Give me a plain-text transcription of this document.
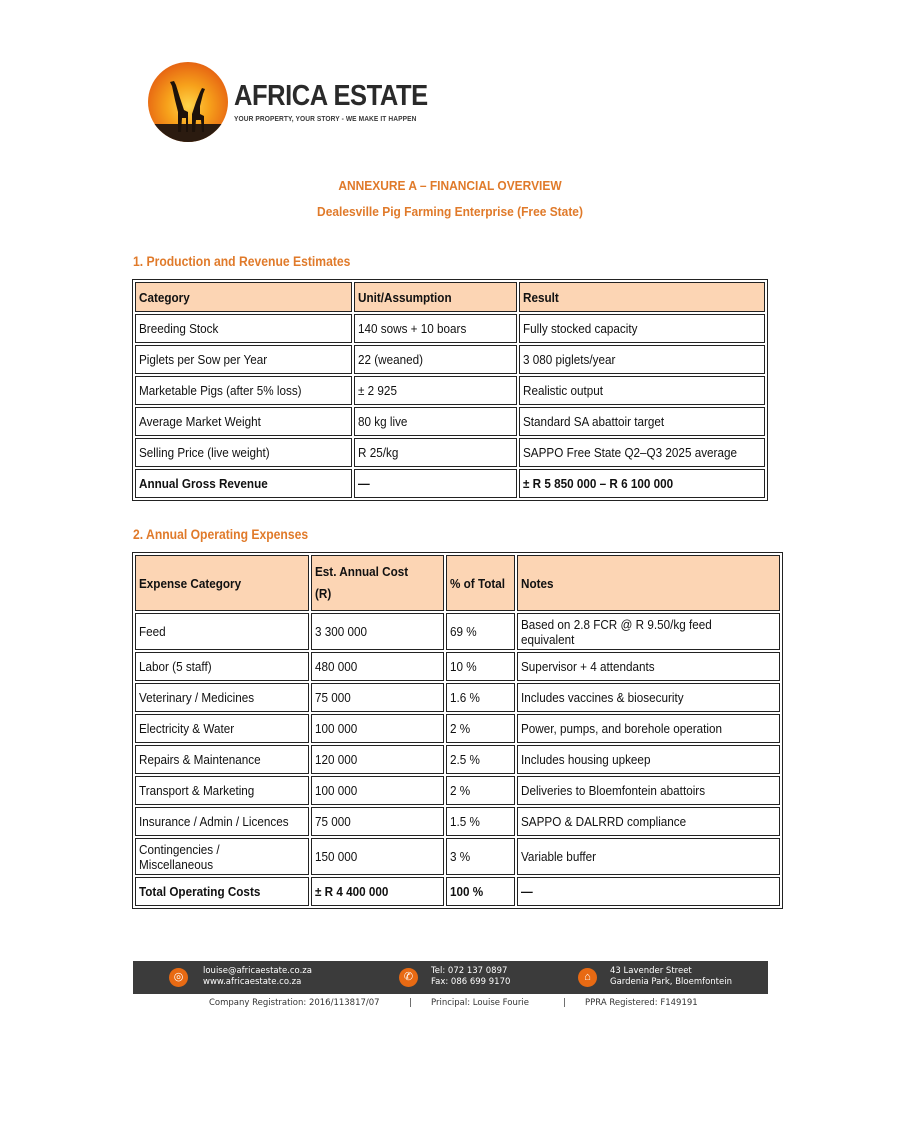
AFRICA ESTATE
YOUR PROPERTY, YOUR STORY - WE MAKE IT HAPPEN
ANNEXURE A – FINANCIAL OVERVIEW
Dealesville Pig Farming Enterprise (Free State)
1. Production and Revenue Estimates
Category	Unit/Assumption	Result
Breeding Stock	140 sows + 10 boars	Fully stocked capacity
Piglets per Sow per Year	22 (weaned)	3 080 piglets/year
Marketable Pigs (after 5% loss)	± 2 925	Realistic output
Average Market Weight	80 kg live	Standard SA abattoir target
Selling Price (live weight)	R 25/kg	SAPPO Free State Q2–Q3 2025 average
Annual Gross Revenue	—	± R 5 850 000 – R 6 100 000
2. Annual Operating Expenses
Expense Category	Est. Annual Cost (R)	% of Total	Notes
Feed	3 300 000	69 %	Based on 2.8 FCR @ R 9.50/kg feed equivalent
Labor (5 staff)	480 000	10 %	Supervisor + 4 attendants
Veterinary / Medicines	75 000	1.6 %	Includes vaccines & biosecurity
Electricity & Water	100 000	2 %	Power, pumps, and borehole operation
Repairs & Maintenance	120 000	2.5 %	Includes housing upkeep
Transport & Marketing	100 000	2 %	Deliveries to Bloemfontein abattoirs
Insurance / Admin / Licences	75 000	1.5 %	SAPPO & DALRRD compliance
Contingencies / Miscellaneous	150 000	3 %	Variable buffer
Total Operating Costs	± R 4 400 000	100 %	—
◎	louise@africaestate.co.za
www.africaestate.co.za	✆	Tel: 072 137 0897
Fax: 086 699 9170	⌂	43 Lavender Street
Gardenia Park, Bloemfontein
Company Registration: 2016/113817/07	| Principal: Louise Fourie	| PPRA Registered: F149191
